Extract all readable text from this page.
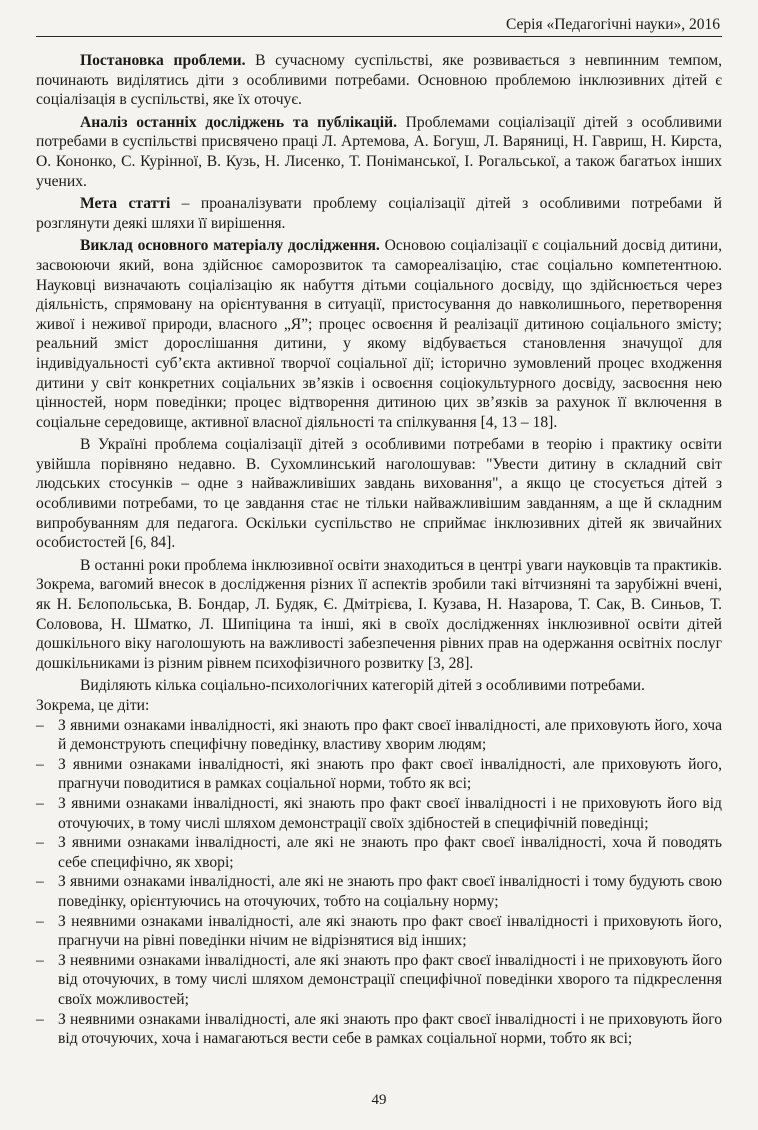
Серія «Педагогічні науки», 2016

Постановка проблеми. В сучасному суспільстві, яке розвивається з невпинним темпом, починають виділятись діти з особливими потребами. Основною проблемою інклюзивних дітей є соціалізація в суспільстві, яке їх оточує.

Аналіз останніх досліджень та публікацій. Проблемами соціалізації дітей з особливими потребами в суспільстві присвячено праці Л. Артемова, А. Богуш, Л. Варяниці, Н. Гавриш, Н. Кирста, О. Кононко, С. Курінної, В. Кузь, Н. Лисенко, Т. Поніманської, І. Рогальської, а також багатьох інших учених.

Мета статті – проаналізувати проблему соціалізації дітей з особливими потребами й розглянути деякі шляхи її вирішення.

Виклад основного матеріалу дослідження. Основою соціалізації є соціальний досвід дитини, засвоюючи який, вона здійснює саморозвиток та самореалізацію, стає соціально компетентною. Науковці визначають соціалізацію як набуття дітьми соціального досвіду, що здійснюється через діяльність, спрямовану на орієнтування в ситуації, пристосування до навколишнього, перетворення живої і неживої природи, власного „Я”; процес освоєння й реалізації дитиною соціального змісту; реальний зміст дорослішання дитини, у якому відбувається становлення значущої для індивідуальності суб’єкта активної творчої соціальної дії; історично зумовлений процес входження дитини у світ конкретних соціальних зв’язків і освоєння соціокультурного досвіду, засвоєння нею цінностей, норм поведінки; процес відтворення дитиною цих зв’язків за рахунок її включення в соціальне середовище, активної власної діяльності та спілкування [4, 13 – 18].

В Україні проблема соціалізації дітей з особливими потребами в теорію і практику освіти увійшла порівняно недавно. В. Сухомлинський наголошував: "Увести дитину в складний світ людських стосунків – одне з найважливіших завдань виховання", а якщо це стосується дітей з особливими потребами, то це завдання стає не тільки найважливішим завданням, а ще й складним випробуванням для педагога. Оскільки суспільство не сприймає інклюзивних дітей як звичайних особистостей [6, 84].

В останні роки проблема інклюзивної освіти знаходиться в центрі уваги науковців та практиків. Зокрема, вагомий внесок в дослідження різних її аспектів зробили такі вітчизняні та зарубіжні вчені, як Н. Бєлопольська, В. Бондар, Л. Будяк, Є. Дмітрієва, І. Кузава, Н. Назарова, Т. Сак, В. Синьов, Т. Соловова, Н. Шматко, Л. Шипіцина та інші, які в своїх дослідженнях інклюзивної освіти дітей дошкільного віку наголошують на важливості забезпечення рівних прав на одержання освітніх послуг дошкільниками із різним рівнем психофізичного розвитку [3, 28].

Виділяють кілька соціально-психологічних категорій дітей з особливими потребами.

Зокрема, це діти:

– З явними ознаками інвалідності, які знають про факт своєї інвалідності, але приховують його, хоча й демонструють специфічну поведінку, властиву хворим людям;
– З явними ознаками інвалідності, які знають про факт своєї інвалідності, але приховують його, прагнучи поводитися в рамках соціальної норми, тобто як всі;
– З явними ознаками інвалідності, які знають про факт своєї інвалідності і не приховують його від оточуючих, в тому числі шляхом демонстрації своїх здібностей в специфічній поведінці;
– З явними ознаками інвалідності, але які не знають про факт своєї інвалідності, хоча й поводять себе специфічно, як хворі;
– З явними ознаками інвалідності, але які не знають про факт своєї інвалідності і тому будують свою поведінку, орієнтуючись на оточуючих, тобто на соціальну норму;
– З неявними ознаками інвалідності, але які знають про факт своєї інвалідності і приховують його, прагнучи на рівні поведінки нічим не відрізнятися від інших;
– З неявними ознаками інвалідності, але які знають про факт своєї інвалідності і не приховують його від оточуючих, в тому числі шляхом демонстрації специфічної поведінки хворого та підкреслення своїх можливостей;
– З неявними ознаками інвалідності, але які знають про факт своєї інвалідності і не приховують його від оточуючих, хоча і намагаються вести себе в рамках соціальної норми, тобто як всі;
49
